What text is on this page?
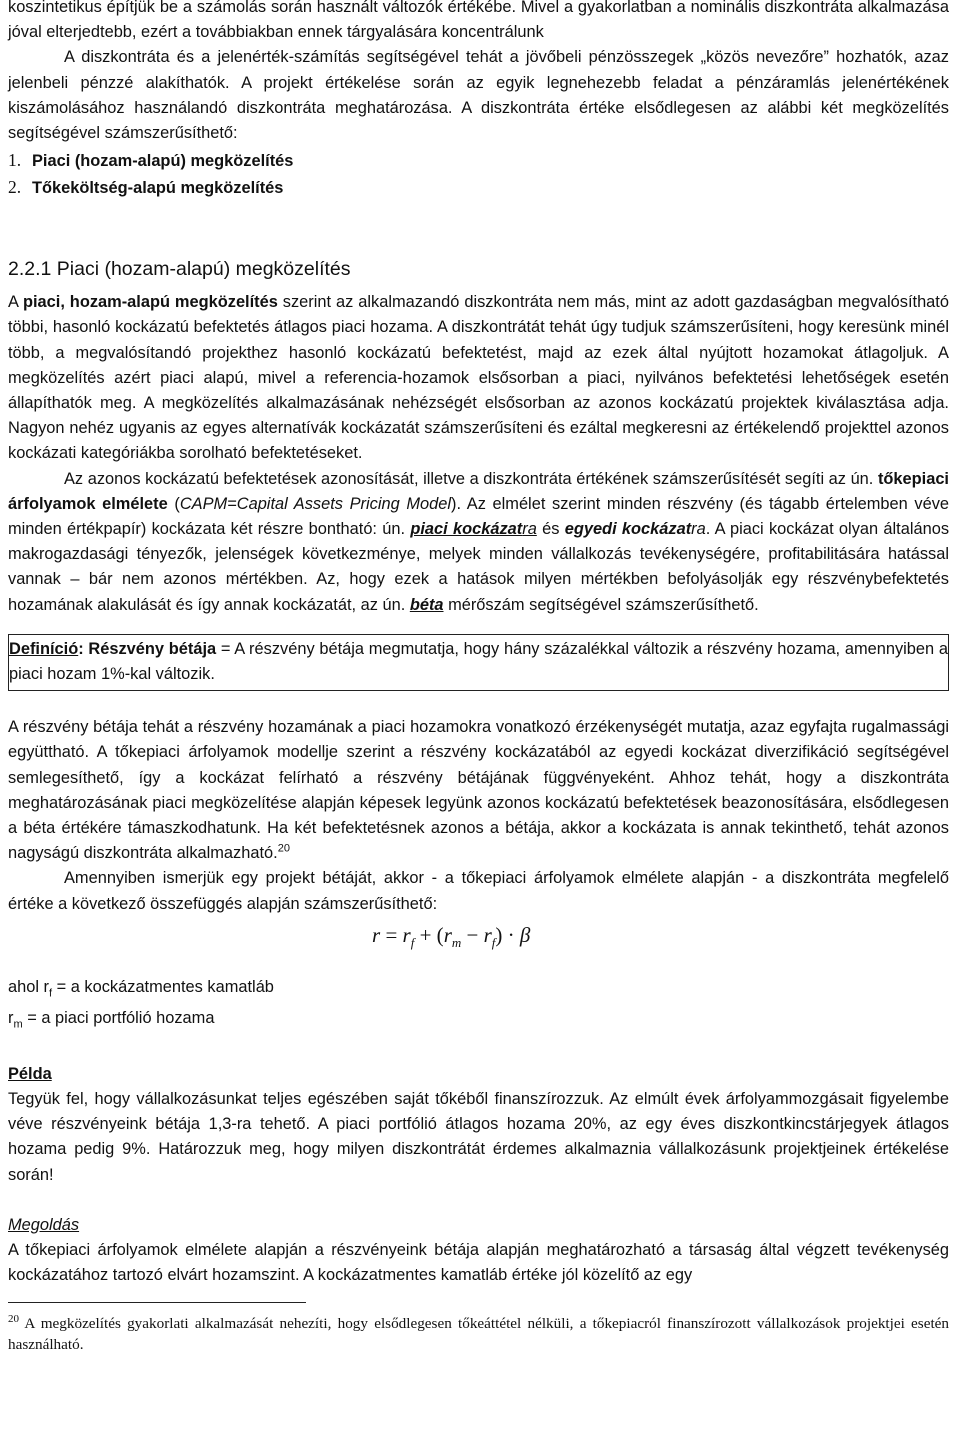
koszintetikus építjük be a számolás során használt változók értékébe. Mivel a gyakorlatban a nominális diszkontráta alkalmazása jóval elterjedtebb, ezért a továbbiakban ennek tárgyalására koncentrálunk

A diszkontráta és a jelenérték-számítás segítségével tehát a jövőbeli pénzösszegek „közös nevezőre” hozhatók, azaz jelenbeli pénzzé alakíthatók. A projekt értékelése során az egyik legnehezebb feladat a pénzáramlás jelenértékének kiszámolásához használandó diszkontráta meghatározása. A diszkontráta értéke elsődlegesen az alábbi két megközelítés segítségével számszerűsíthető:

1. Piaci (hozam-alapú) megközelítés
2. Tőkeköltség-alapú megközelítés

2.2.1 Piaci (hozam-alapú) megközelítés

A piaci, hozam-alapú megközelítés szerint az alkalmazandó diszkontráta nem más, mint az adott gazdaságban megvalósítható többi, hasonló kockázatú befektetés átlagos piaci hozama. A diszkontrátát tehát úgy tudjuk számszerűsíteni, hogy keresünk minél több, a megvalósítandó projekthez hasonló kockázatú befektetést, majd az ezek által nyújtott hozamokat átlagoljuk. A megközelítés azért piaci alapú, mivel a referencia-hozamok elsősorban a piaci, nyilvános befektetési lehetőségek esetén állapíthatók meg. A megközelítés alkalmazásának nehézségét elsősorban az azonos kockázatú projektek kiválasztása adja. Nagyon nehéz ugyanis az egyes alternatívák kockázatát számszerűsíteni és ezáltal megkeresni az értékelendő projekttel azonos kockázati kategóriákba sorolható befektetéseket.

Az azonos kockázatú befektetések azonosítását, illetve a diszkontráta értékének számszerűsítését segíti az ún. tőkepiaci árfolyamok elmélete (CAPM=Capital Assets Pricing Model). Az elmélet szerint minden részvény (és tágabb értelemben véve minden értékpapír) kockázata két részre bontható: ún. piaci kockázatra és egyedi kockázatra. A piaci kockázat olyan általános makrogazdasági tényezők, jelenségek következménye, melyek minden vállalkozás tevékenységére, profitabilitására hatással vannak – bár nem azonos mértékben. Az, hogy ezek a hatások milyen mértékben befolyásolják egy részvénybefektetés hozamának alakulását és így annak kockázatát, az ún. béta mérőszám segítségével számszerűsíthető.

Definíció: Részvény bétája = A részvény bétája megmutatja, hogy hány százalékkal változik a részvény hozama, amennyiben a piaci hozam 1%-kal változik.

A részvény bétája tehát a részvény hozamának a piaci hozamokra vonatkozó érzékenységét mutatja, azaz egyfajta rugalmassági együttható. A tőkepiaci árfolyamok modellje szerint a részvény kockázatából az egyedi kockázat diverzifikáció segítségével semlegesíthető, így a kockázat felírható a részvény bétájának függvényeként. Ahhoz tehát, hogy a diszkontráta meghatározásának piaci megközelítése alapján képesek legyünk azonos kockázatú befektetések beazonosítására, elsődlegesen a béta értékére támaszkodhatunk. Ha két befektetésnek azonos a bétája, akkor a kockázata is annak tekinthető, tehát azonos nagyságú diszkontráta alkalmazható.$^{20}$

Amennyiben ismerjük egy projekt bétáját, akkor - a tőkepiaci árfolyamok elmélete alapján - a diszkontráta megfelelő értéke a következő összefüggés alapján számszerűsíthető:

$r = r_f + (r_m - r_f) \cdot \beta$
ahol $r_f = a$ kockázatmentes kamatláb
$r_m = a$ piaci portfólió hozama

Példa

Tegyük fel, hogy vállalkozásunkat teljes egészében saját tőkéből finanszírozzuk. Az elmúlt évek árfolyammozgásait figyelembe véve részvényeink bétája 1,3-ra tehető. A piaci portfólió átlagos hozama 20%, az egy éves diszkontkincstárjegyek átlagos hozama pedig 9%. Határozzuk meg, hogy milyen diszkontrátát érdemes alkalmaznia vállalkozásunk projektjeinek értékelése során!

Megoldás

A tőkepiaci árfolyamok elmélete alapján a részvényeink bétája alapján meghatározható a társaság által végzett tevékenység kockázatához tartozó elvárt hozamszint. A kockázatmentes kamatláb értéke jól közelítő az egy

$^{20}$ A megközelítés gyakorlati alkalmazását nehezíti, hogy elsődlegesen tőkeáttétel nélküli, a tőkepiacról finanszírozott vállalkozások projektjei esetén használható.
